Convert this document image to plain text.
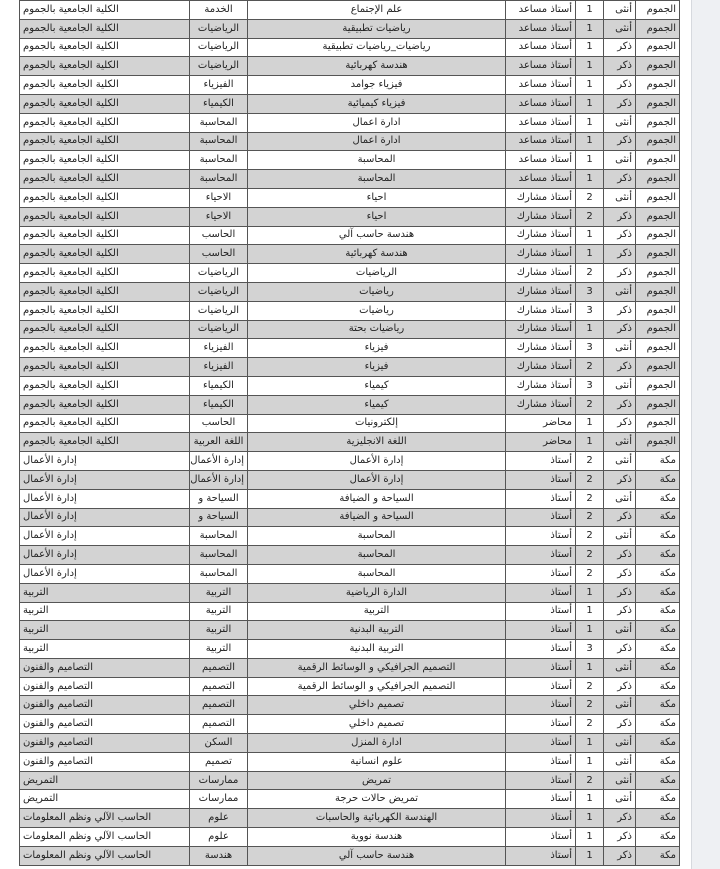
الجموم	أنثى	1	أستاذ مساعد	علم الإجتماع	الخدمة	الكلية الجامعية بالجموم
الجموم	أنثى	1	أستاذ مساعد	رياضيات تطبيقية	الرياضيات	الكلية الجامعية بالجموم
الجموم	ذكر	1	أستاذ مساعد	رياضيات_رياضيات تطبيقية	الرياضيات	الكلية الجامعية بالجموم
الجموم	ذكر	1	أستاذ مساعد	هندسة كهربائية	الرياضيات	الكلية الجامعية بالجموم
الجموم	ذكر	1	أستاذ مساعد	فيزياء جوامد	الفيزياء	الكلية الجامعية بالجموم
الجموم	ذكر	1	أستاذ مساعد	فيزياء كيميائية	الكيمياء	الكلية الجامعية بالجموم
الجموم	أنثى	1	أستاذ مساعد	ادارة اعمال	المحاسبة	الكلية الجامعية بالجموم
الجموم	ذكر	1	أستاذ مساعد	ادارة اعمال	المحاسبة	الكلية الجامعية بالجموم
الجموم	أنثى	1	أستاذ مساعد	المحاسبة	المحاسبة	الكلية الجامعية بالجموم
الجموم	ذكر	1	أستاذ مساعد	المحاسبة	المحاسبة	الكلية الجامعية بالجموم
الجموم	أنثى	2	أستاذ مشارك	احياء	الاحياء	الكلية الجامعية بالجموم
الجموم	ذكر	2	أستاذ مشارك	احياء	الاحياء	الكلية الجامعية بالجموم
الجموم	ذكر	1	أستاذ مشارك	هندسة حاسب آلي	الحاسب	الكلية الجامعية بالجموم
الجموم	ذكر	1	أستاذ مشارك	هندسة كهربائية	الحاسب	الكلية الجامعية بالجموم
الجموم	ذكر	2	أستاذ مشارك	الرياضيات	الرياضيات	الكلية الجامعية بالجموم
الجموم	أنثى	3	أستاذ مشارك	رياضيات	الرياضيات	الكلية الجامعية بالجموم
الجموم	ذكر	3	أستاذ مشارك	رياضيات	الرياضيات	الكلية الجامعية بالجموم
الجموم	ذكر	1	أستاذ مشارك	رياضيات بحتة	الرياضيات	الكلية الجامعية بالجموم
الجموم	أنثى	3	أستاذ مشارك	فيزياء	الفيزياء	الكلية الجامعية بالجموم
الجموم	ذكر	2	أستاذ مشارك	فيزياء	الفيزياء	الكلية الجامعية بالجموم
الجموم	أنثى	3	أستاذ مشارك	كيمياء	الكيمياء	الكلية الجامعية بالجموم
الجموم	ذكر	2	أستاذ مشارك	كيمياء	الكيمياء	الكلية الجامعية بالجموم
الجموم	ذكر	1	محاضر	إلكترونيات	الحاسب	الكلية الجامعية بالجموم
الجموم	أنثى	1	محاضر	اللغة الانجليزية	اللغة العربية	الكلية الجامعية بالجموم
مكة	أنثى	2	أستاذ	إدارة الأعمال	إدارة الأعمال	إدارة الأعمال
مكة	ذكر	2	أستاذ	إدارة الأعمال	إدارة الأعمال	إدارة الأعمال
مكة	أنثى	2	أستاذ	السياحة و الضيافة	السياحة و	إدارة الأعمال
مكة	ذكر	2	أستاذ	السياحة و الضيافة	السياحة و	إدارة الأعمال
مكة	أنثى	2	أستاذ	المحاسبة	المحاسبة	إدارة الأعمال
مكة	ذكر	2	أستاذ	المحاسبة	المحاسبة	إدارة الأعمال
مكة	ذكر	2	أستاذ	المحاسبة	المحاسبة	إدارة الأعمال
مكة	ذكر	1	أستاذ	الدارة الرياضية	التربية	التربية
مكة	ذكر	1	أستاذ	التربية	التربية	التربية
مكة	أنثى	1	أستاذ	التربية البدنية	التربية	التربية
مكة	ذكر	3	أستاذ	التربية البدنية	التربية	التربية
مكة	أنثى	1	أستاذ	التصميم الجرافيكي و الوسائط الرقمية	التصميم	التصاميم والفنون
مكة	ذكر	2	أستاذ	التصميم الجرافيكي و الوسائط الرقمية	التصميم	التصاميم والفنون
مكة	أنثى	2	أستاذ	تصميم داخلي	التصميم	التصاميم والفنون
مكة	ذكر	2	أستاذ	تصميم داخلي	التصميم	التصاميم والفنون
مكة	أنثى	1	أستاذ	ادارة المنزل	السكن	التصاميم والفنون
مكة	أنثى	1	أستاذ	علوم انسانية	تصميم	التصاميم والفنون
مكة	أنثى	2	أستاذ	تمريض	ممارسات	التمريض
مكة	أنثى	1	أستاذ	تمريض حالات حرجة	ممارسات	التمريض
مكة	ذكر	1	أستاذ	الهندسة الكهربائية والحاسبات	علوم	الحاسب الآلي ونظم المعلومات
مكة	ذكر	1	أستاذ	هندسة نووية	علوم	الحاسب الآلي ونظم المعلومات
مكة	ذكر	1	أستاذ	هندسة حاسب آلي	هندسة	الحاسب الآلي ونظم المعلومات
